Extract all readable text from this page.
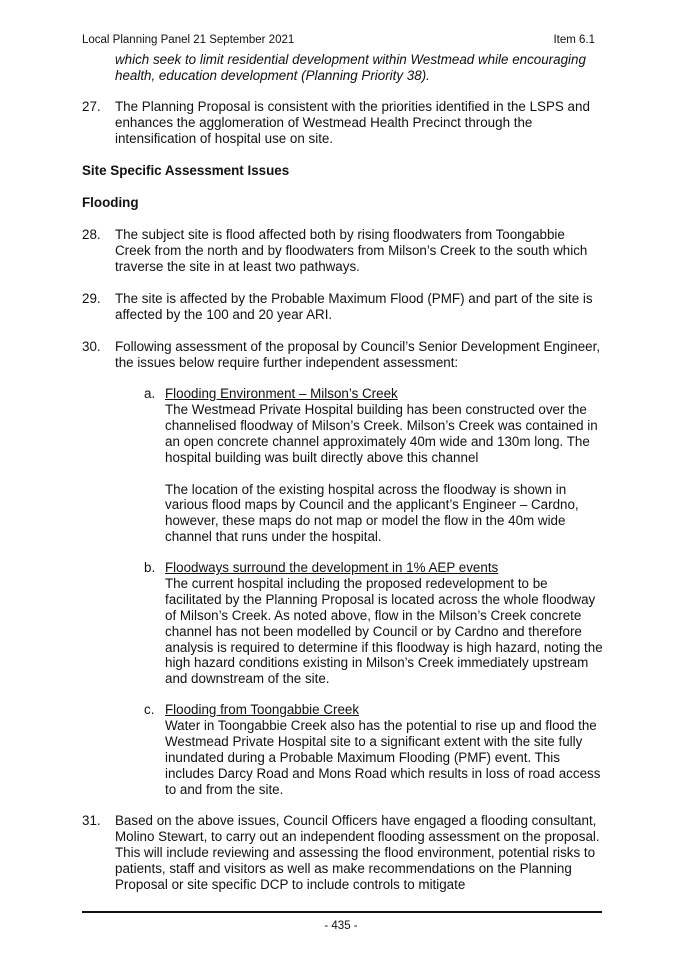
Local Planning Panel 21 September 2021	Item 6.1
which seek to limit residential development within Westmead while encouraging health, education development (Planning Priority 38).
27. The Planning Proposal is consistent with the priorities identified in the LSPS and enhances the agglomeration of Westmead Health Precinct through the intensification of hospital use on site.
Site Specific Assessment Issues
Flooding
28. The subject site is flood affected both by rising floodwaters from Toongabbie Creek from the north and by floodwaters from Milson’s Creek to the south which traverse the site in at least two pathways.
29. The site is affected by the Probable Maximum Flood (PMF) and part of the site is affected by the 100 and 20 year ARI.
30. Following assessment of the proposal by Council’s Senior Development Engineer, the issues below require further independent assessment:
a. Flooding Environment – Milson’s Creek
The Westmead Private Hospital building has been constructed over the channelised floodway of Milson’s Creek. Milson’s Creek was contained in an open concrete channel approximately 40m wide and 130m long. The hospital building was built directly above this channel
The location of the existing hospital across the floodway is shown in various flood maps by Council and the applicant’s Engineer – Cardno, however, these maps do not map or model the flow in the 40m wide channel that runs under the hospital.
b. Floodways surround the development in 1% AEP events
The current hospital including the proposed redevelopment to be facilitated by the Planning Proposal is located across the whole floodway of Milson’s Creek. As noted above, flow in the Milson’s Creek concrete channel has not been modelled by Council or by Cardno and therefore analysis is required to determine if this floodway is high hazard, noting the high hazard conditions existing in Milson’s Creek immediately upstream and downstream of the site.
c. Flooding from Toongabbie Creek
Water in Toongabbie Creek also has the potential to rise up and flood the Westmead Private Hospital site to a significant extent with the site fully inundated during a Probable Maximum Flooding (PMF) event. This includes Darcy Road and Mons Road which results in loss of road access to and from the site.
31. Based on the above issues, Council Officers have engaged a flooding consultant, Molino Stewart, to carry out an independent flooding assessment on the proposal. This will include reviewing and assessing the flood environment, potential risks to patients, staff and visitors as well as make recommendations on the Planning Proposal or site specific DCP to include controls to mitigate
- 435 -
